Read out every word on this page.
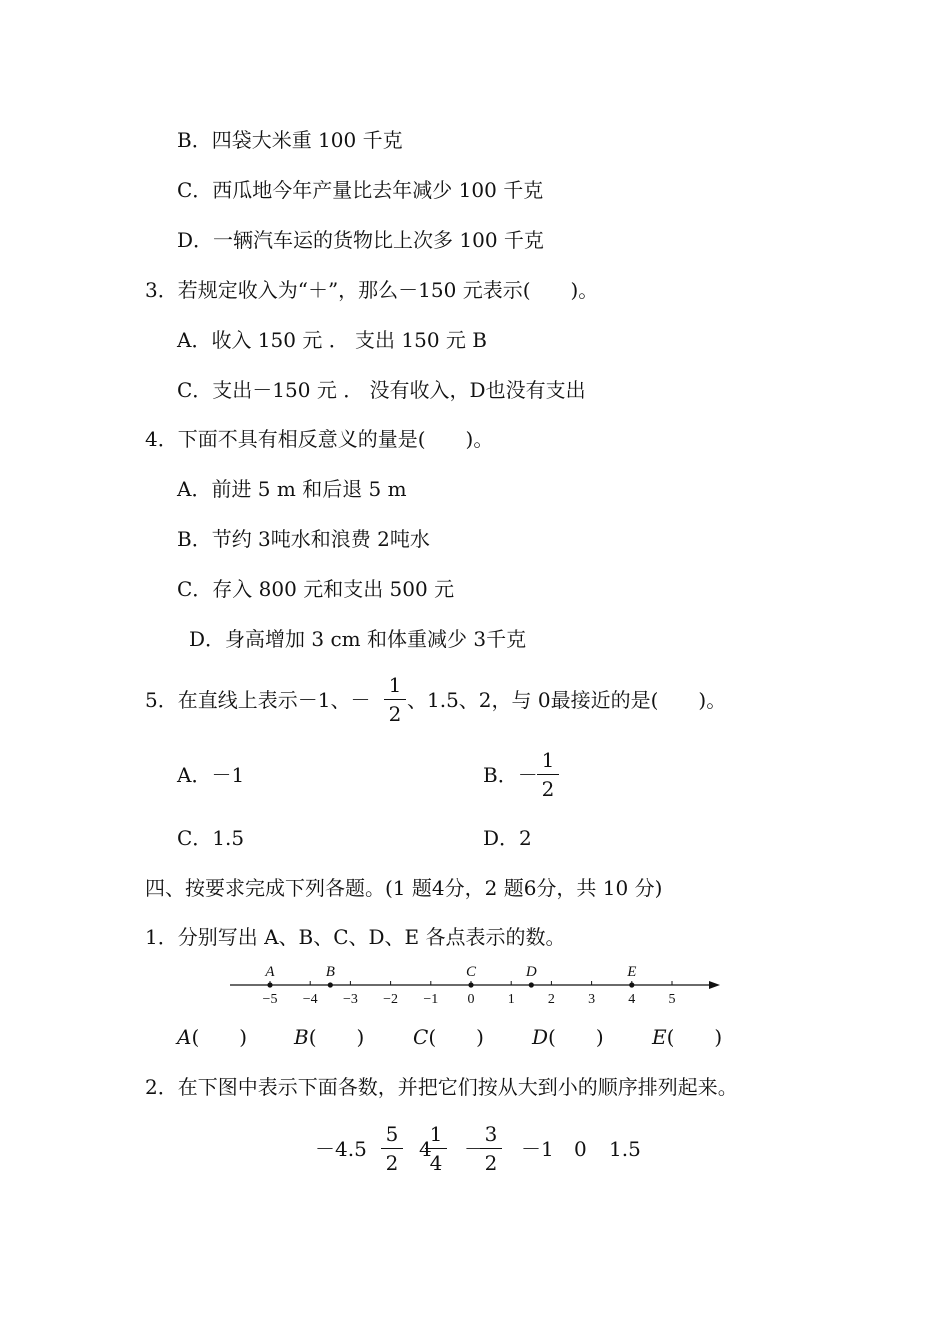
B．四袋大米重 100 千克
C．西瓜地今年产量比去年减少 100 千克
D．一辆汽车运的货物比上次多 100 千克
3．若规定收入为“＋”，那么－150 元表示(　　)。
A．收入 150 元 ． 支出 150 元 B
C．支出－150 元 ． 没有收入，D也没有支出
4．下面不具有相反意义的量是(　　)。
A．前进 5 m 和后退 5 m
B．节约 3吨水和浪费 2吨水
C．存入 800 元和支出 500 元
D．身高增加 3 cm 和体重减少 3千克
5．在直线上表示－1、－
1
2
、1.5、2，与 0最接近的是(　　)。
A．－1	B．－
1
2
C．1.5	D．2
四、按要求完成下列各题。(1 题4分，2 题6分，共 10 分)
1．分别写出 A、B、C、D、E 各点表示的数。
−5 −4 −3 −2 −1 0 1 2 3 4 5
A	B	C	D	E
A(　　) B(　　) C(　　) D(　　) E(　　)
2．在下图中表示下面各数，并把它们按从大到小的顺序排列起来。
－4.5
5
2
4
1
4
－
3
2
－1 0 1.5
